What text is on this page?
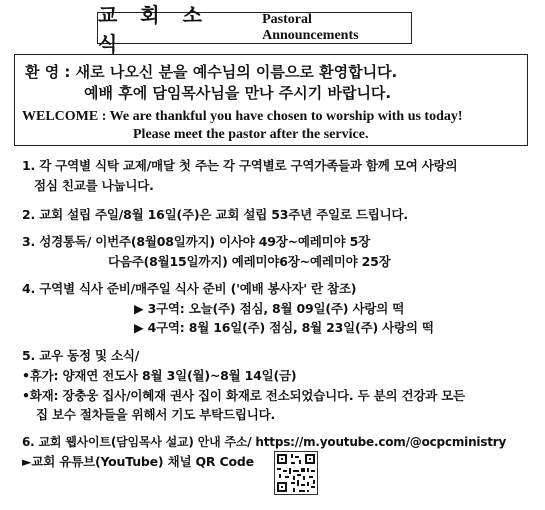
교 회 소 식
Pastoral Announcements
환 영 : 새로 나오신 분을 예수님의 이름으로 환영합니다.
예배 후에 담임목사님을 만나 주시기 바랍니다.
WELCOME : We are thankful you have chosen to worship with us today!
Please meet the pastor after the service.
1. 각 구역별 식탁 교제/매달 첫 주는 각 구역별로 구역가족들과 함께 모여 사랑의
점심 친교를 나눕니다.
2. 교회 설립 주일/8월 16일(주)은 교회 설립 53주년 주일로 드립니다.
3. 성경통독/ 이번주(8월08일까지) 이사야 49장~예레미야 5장
다음주(8월15일까지) 예레미야6장~예레미야 25장
4. 구역별 식사 준비/매주일 식사 준비 ('예배 봉사자' 란 참조)
▶ 3구역: 오늘(주) 점심, 8월 09일(주) 사랑의 떡
▶ 4구역: 8월 16일(주) 점심, 8월 23일(주) 사랑의 떡
5. 교우 동정 및 소식/
•휴가: 양재연 전도사 8월 3일(월)~8월 14일(금)
•화재: 장충웅 집사/이혜재 권사 집이 화재로 전소되었습니다. 두 분의 건강과 모든
집 보수 절차들을 위해서 기도 부탁드립니다.
6. 교회 웹사이트(담임목사 설교) 안내 주소/ https://m.youtube.com/@ocpcministry
►교회 유튜브(YouTube) 채널 QR Code
